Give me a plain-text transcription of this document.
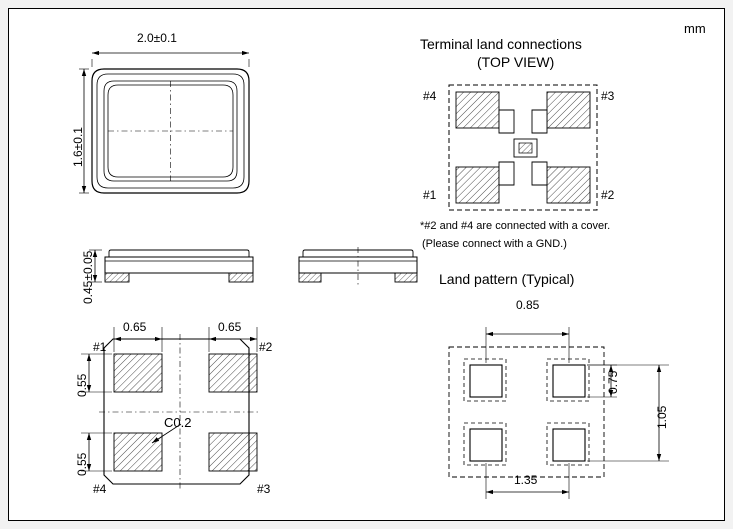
mm
2.0±0.1
1.6±0.1
0.45±0.05
0.65	0.65
0.55
0.55
C0.2
#1	#2
#3
#4
Terminal land connections
(TOP VIEW)
#4	#3
#1	#2
*#2 and #4 are connected with a cover.
(Please connect with a GND.)
Land pattern (Typical)
0.85
0.75
1.05
1.35
